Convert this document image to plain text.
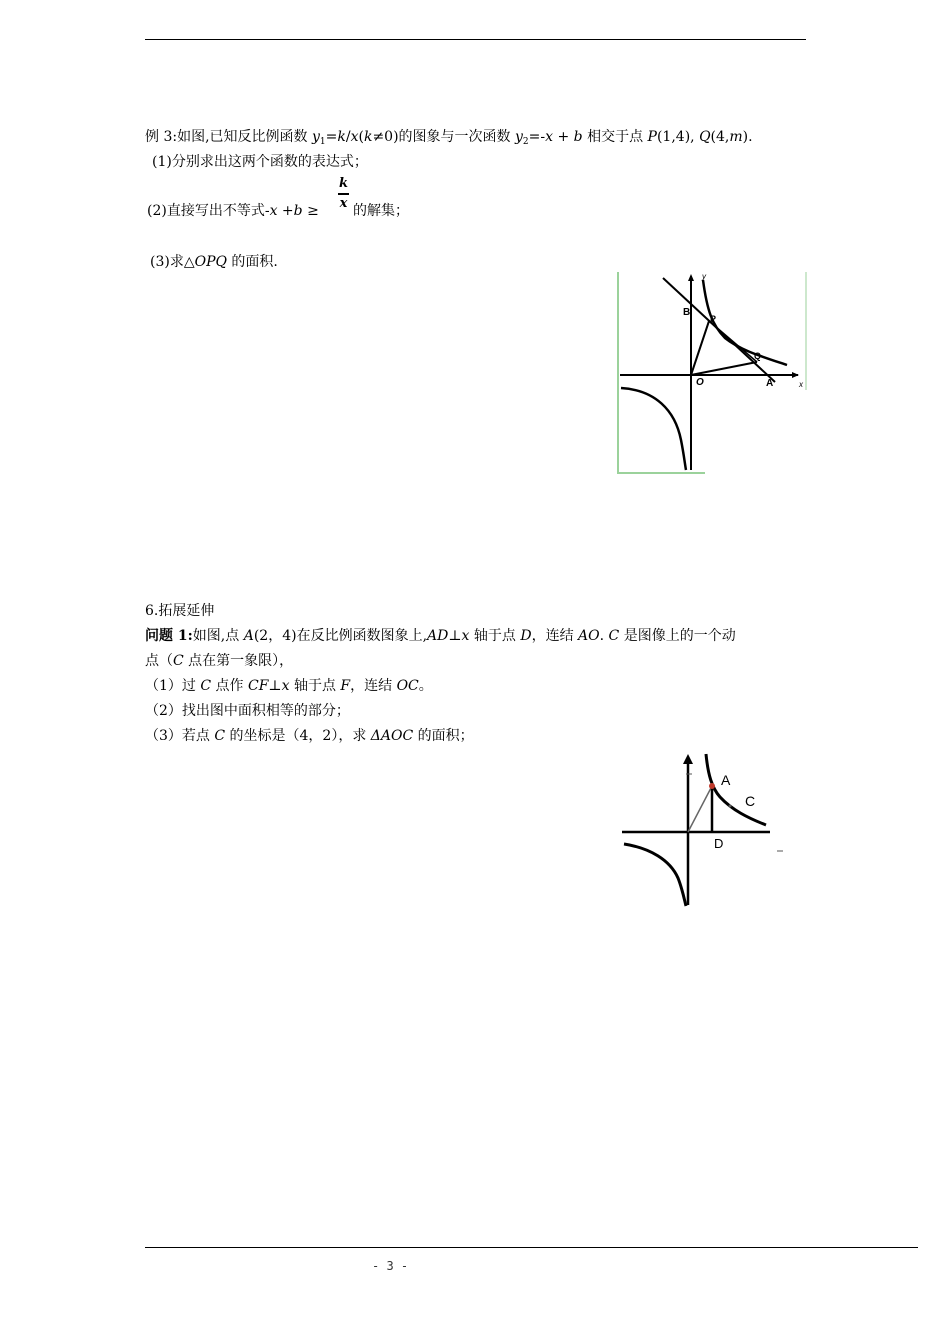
例 3:如图,已知反比例函数 $y_1=k/x(k\ne 0)$的图象与一次函数 $y_2=-x + b$ 相交于点 P(1,4), Q(4,m).
(1)分别求出这两个函数的表达式；
(2)直接写出不等式-x +b ≥
k
x 的解集；
(3)求△OPQ 的面积.
B
P
Q
O	A	x
y
6.拓展延伸
问题 1:如图,点 A(2，4)在反比例函数图象上,AD⊥x 轴于点 D，连结 AO. C 是图像上的一个动
点（C 点在第一象限），
（1）过 C 点作 CF⊥x 轴于点 F，连结 OC。
（2）找出图中面积相等的部分；
（3）若点 C 的坐标是（4，2），求 ΔAOC 的面积；
A
C
D
- 3 -
